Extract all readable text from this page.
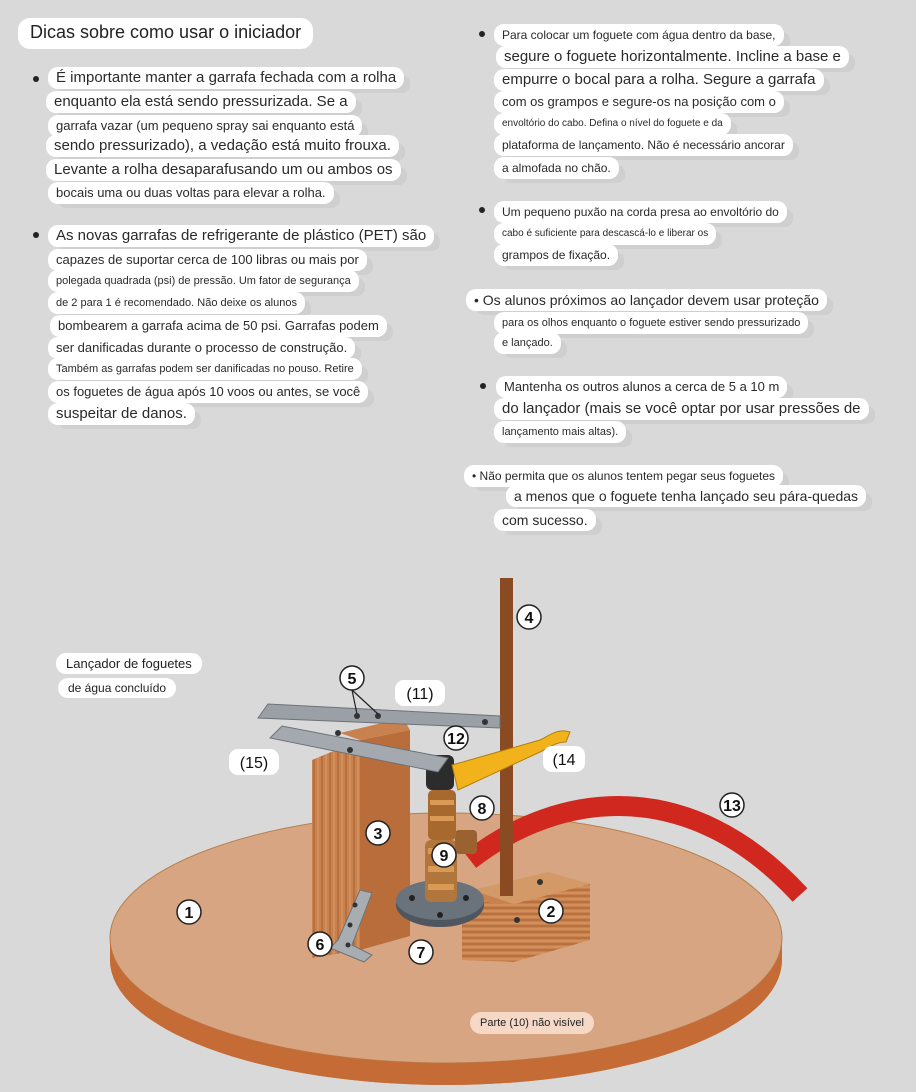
Dicas sobre como usar o iniciador
É importante manter a garrafa fechada com a rolha
enquanto ela está sendo pressurizada. Se a
garrafa vazar (um pequeno spray sai enquanto está
sendo pressurizado), a vedação está muito frouxa.
Levante a rolha desaparafusando um ou ambos os
bocais uma ou duas voltas para elevar a rolha.
As novas garrafas de refrigerante de plástico (PET) são
capazes de suportar cerca de 100 libras ou mais por
polegada quadrada (psi) de pressão. Um fator de segurança
de 2 para 1 é recomendado. Não deixe os alunos
bombearem a garrafa acima de 50 psi. Garrafas podem
ser danificadas durante o processo de construção.
Também as garrafas podem ser danificadas no pouso. Retire
os foguetes de água após 10 voos ou antes, se você
suspeitar de danos.
Para colocar um foguete com água dentro da base,
segure o foguete horizontalmente. Incline a base e
empurre o bocal para a rolha. Segure a garrafa
com os grampos e segure-os na posição com o
envoltório do cabo. Defina o nível do foguete e da
plataforma de lançamento. Não é necessário ancorar
a almofada no chão.
Um pequeno puxão na corda presa ao envoltório do
cabo é suficiente para descascá-lo e liberar os
grampos de fixação.
• Os alunos próximos ao lançador devem usar proteção
para os olhos enquanto o foguete estiver sendo pressurizado
e lançado.
Mantenha os outros alunos a cerca de 5 a 10 m
do lançador (mais se você optar por usar pressões de
lançamento mais altas).
• Não permita que os alunos tentem pegar seus foguetes
a menos que o foguete tenha lançado seu pára-quedas
com sucesso.
1	2
3
4
5
6	7
8
9
12
13
(11)
(14
(15)
Lançador de foguetes
de água concluído
Parte (10) não visível
